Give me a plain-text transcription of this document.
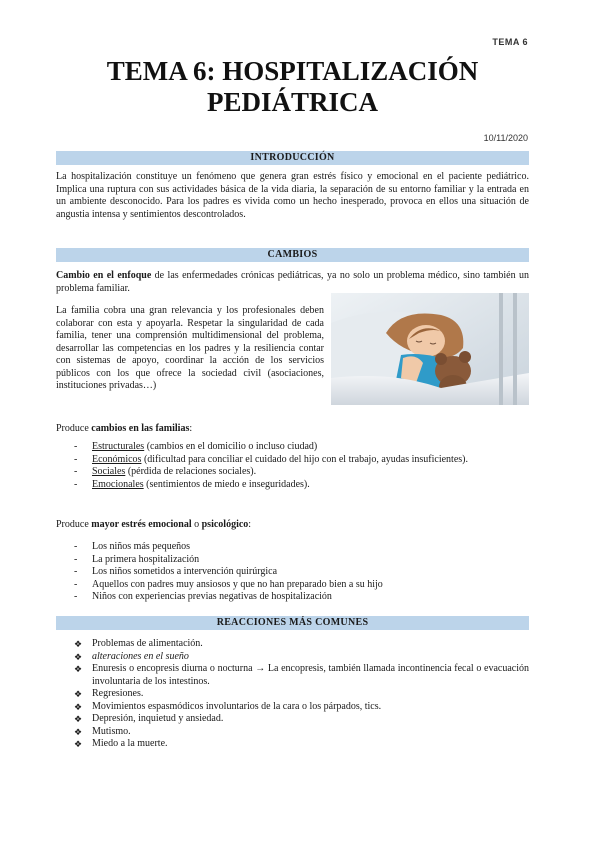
TEMA 6
TEMA 6: HOSPITALIZACIÓN
PEDIÁTRICA
10/11/2020
INTRODUCCIÓN

La hospitalización constituye un fenómeno que genera gran estrés físico y emocional en el paciente pediátrico. Implica una ruptura con sus actividades básica de la vida diaria, la separación de su entorno familiar y la entrada en un ambiente desconocido. Para los padres es vivida como un hecho inesperado, provoca en ellos una situación de angustia intensa y sentimientos descontrolados.

CAMBIOS

Cambio en el enfoque de las enfermedades crónicas pediátricas, ya no solo un problema médico, sino también un problema familiar.

La familia cobra una gran relevancia y los profesionales deben colaborar con esta y apoyarla. Respetar la singularidad de cada familia, tener una comprensión multidimensional del problema, desarrollar las competencias en los padres y la resiliencia contar con sistemas de apoyo, coordinar la acción de los servicios públicos con los que ofrece la sociedad civil (asociaciones, instituciones privadas…)

Produce cambios en las familias:

- Estructurales (cambios en el domicilio o incluso ciudad)
- Económicos (dificultad para conciliar el cuidado del hijo con el trabajo, ayudas insuficientes).
- Sociales (pérdida de relaciones sociales).
- Emocionales (sentimientos de miedo e inseguridades).

Produce mayor estrés emocional o psicológico:

- Los niños más pequeños
- La primera hospitalización
- Los niños sometidos a intervención quirúrgica
- Aquellos con padres muy ansiosos y que no han preparado bien a su hijo
- Niños con experiencias previas negativas de hospitalización
REACCIONES MÁS COMUNES
❖ Problemas de alimentación.
❖ alteraciones en el sueño
❖ Enuresis o encopresis diurna o nocturna → La encopresis, también llamada incontinencia fecal o evacuación involuntaria de los intestinos.
❖ Regresiones.
❖ Movimientos espasmódicos involuntarios de la cara o los párpados, tics.
❖ Depresión, inquietud y ansiedad.
❖ Mutismo.
❖ Miedo a la muerte.
